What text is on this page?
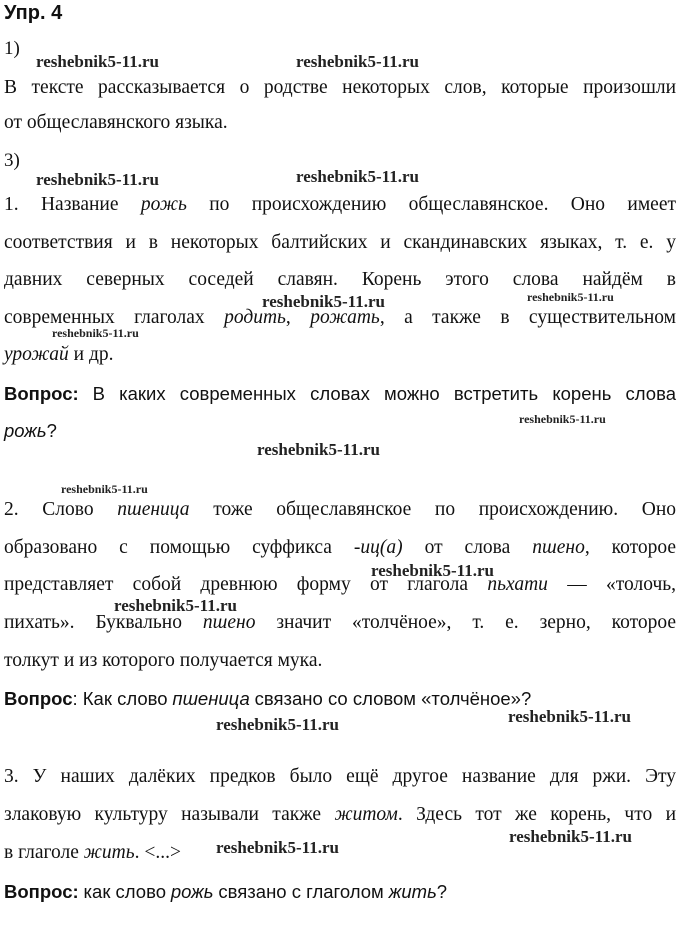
Упр. 4
1)
В тексте рассказывается о родстве некоторых слов, которые произошли
от общеславянского языка.
3)
1. Название рожь по происхождению общеславянское. Оно имеет
соответствия и в некоторых балтийских и скандинавских языках, т. е. у
давних северных соседей славян. Корень этого слова найдём в
современных глаголах родить, рожать, а также в существительном
урожай и др.
Вопрос: В каких современных словах можно встретить корень слова
рожь?
2. Слово пшеница тоже общеславянское по происхождению. Оно
образовано с помощью суффикса -иц(а) от слова пшено, которое
представляет собой древнюю форму от глагола пьхати — «толочь,
пихать». Буквально пшено значит «толчёное», т. е. зерно, которое
толкут и из которого получается мука.
Вопрос: Как слово пшеница связано со словом «толчёное»?
3. У наших далёких предков было ещё другое название для ржи. Эту
злаковую культуру называли также житом. Здесь тот же корень, что и
в глаголе жить. <...>
Вопрос: как слово рожь связано с глаголом жить?
reshebnik5-11.ru	reshebnik5-11.ru
reshebnik5-11.ru	reshebnik5-11.ru
reshebnik5-11.ru	reshebnik5-11.ru
reshebnik5-11.ru
reshebnik5-11.ru
reshebnik5-11.ru
reshebnik5-11.ru
reshebnik5-11.ru
reshebnik5-11.ru
reshebnik5-11.ru
reshebnik5-11.ru
reshebnik5-11.ru
reshebnik5-11.ru
